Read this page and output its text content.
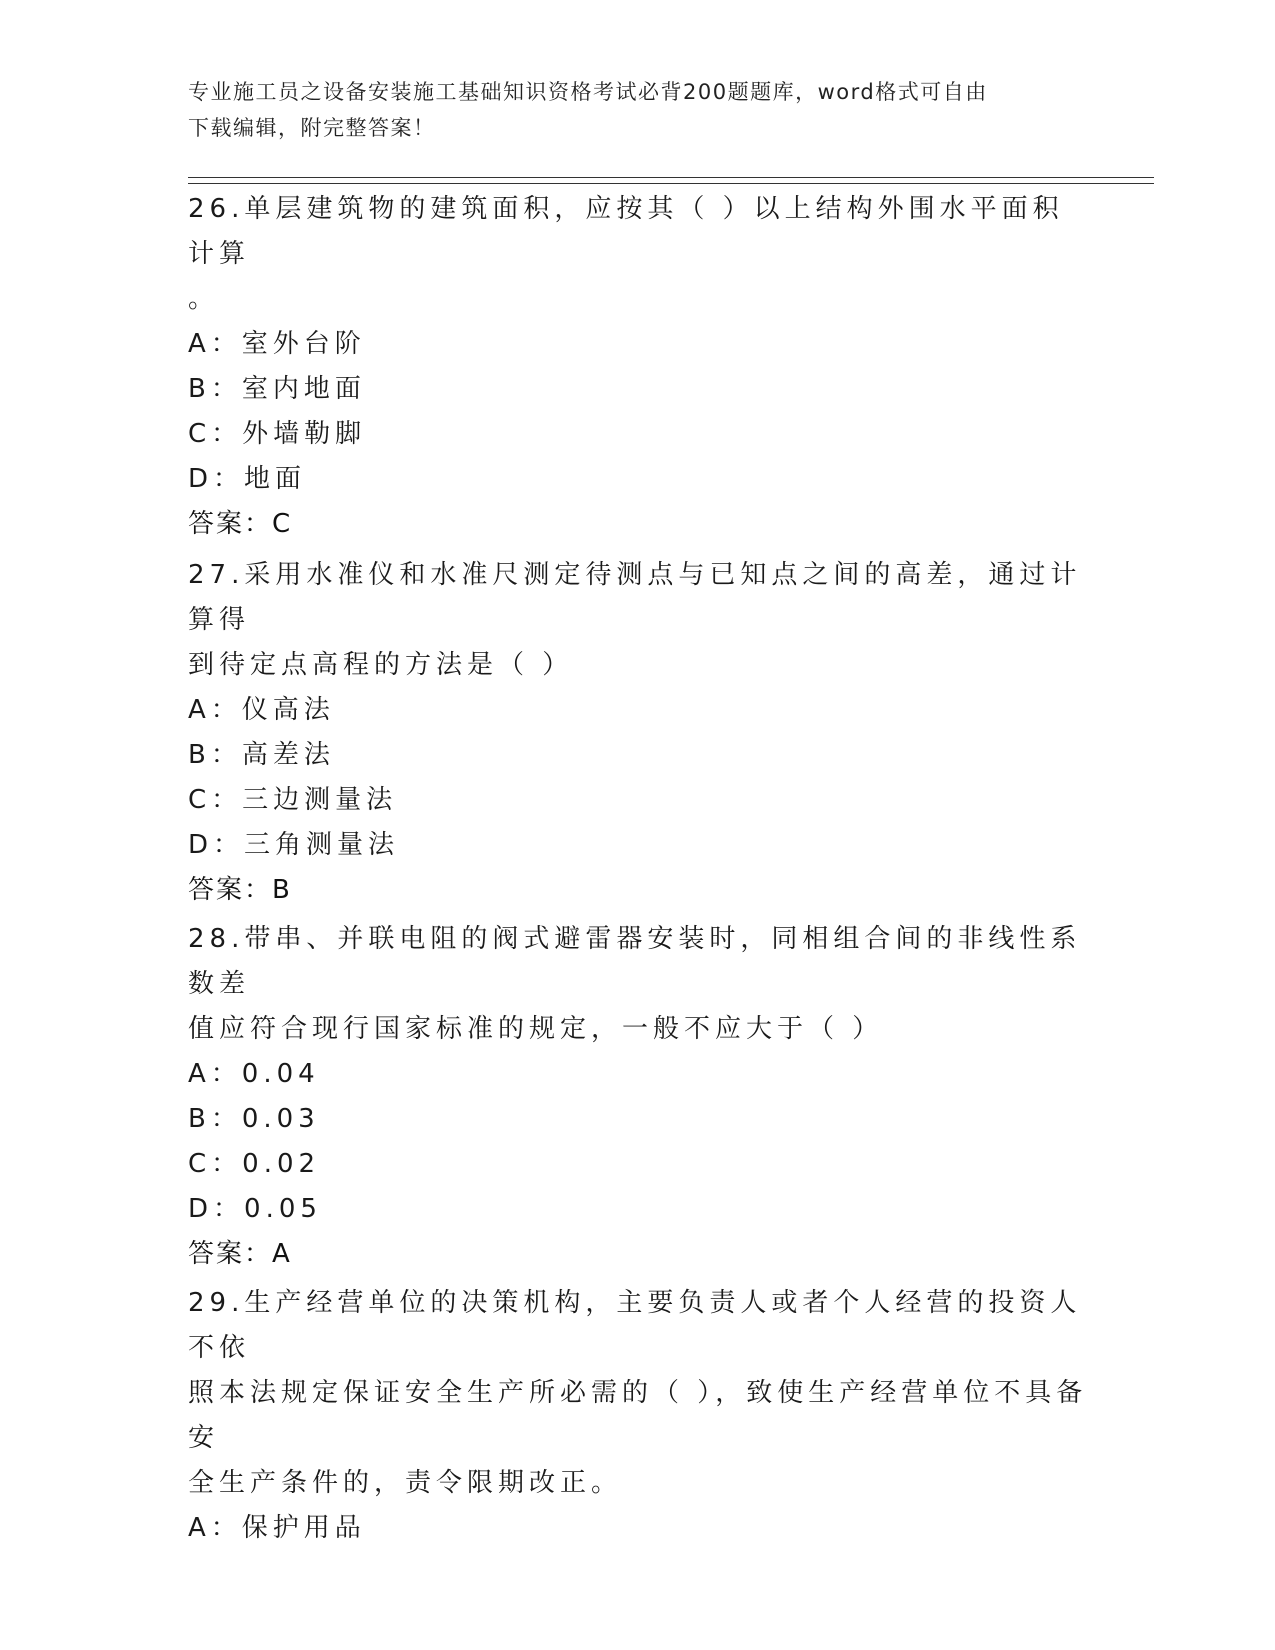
专业施工员之设备安装施工基础知识资格考试必背200题题库，word格式可自由
下载编辑，附完整答案！

26.单层建筑物的建筑面积，应按其（ ）以上结构外围水平面积计算

。

A：室外台阶

B：室内地面

C：外墙勒脚

D：地面

答案：C

27.采用水准仪和水准尺测定待测点与已知点之间的高差，通过计算得

到待定点高程的方法是（ ）

A：仪高法

B：高差法

C：三边测量法

D：三角测量法

答案：B

28.带串、并联电阻的阀式避雷器安装时，同相组合间的非线性系数差

值应符合现行国家标准的规定，一般不应大于（ ）

A：0.04

B：0.03

C：0.02

D：0.05

答案：A

29.生产经营单位的决策机构，主要负责人或者个人经营的投资人不依

照本法规定保证安全生产所必需的（ ），致使生产经营单位不具备安

全生产条件的，责令限期改正。

A：保护用品
